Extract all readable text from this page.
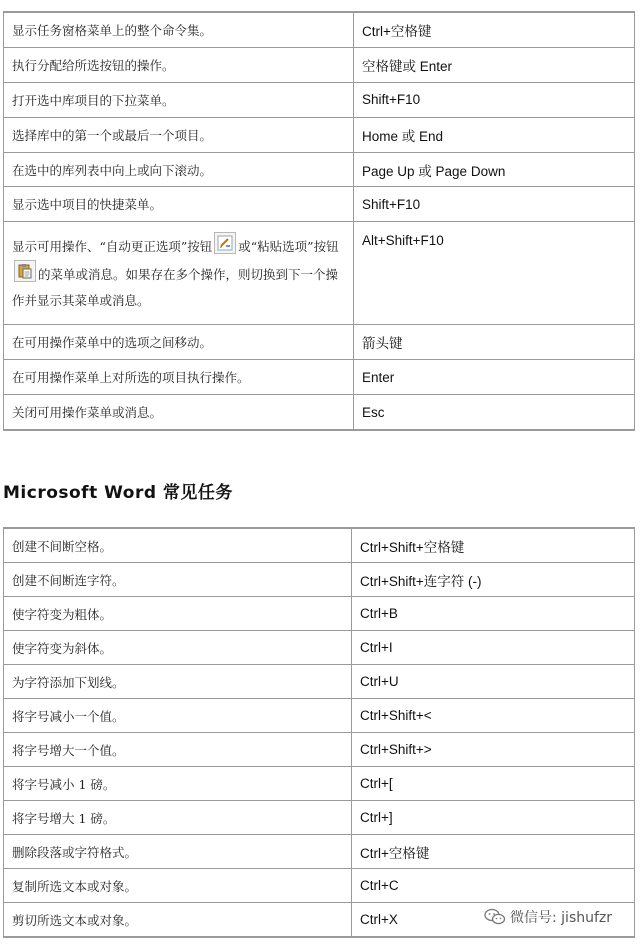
显示任务窗格菜单上的整个命令集。	Ctrl+空格键
执行分配给所选按钮的操作。	空格键或 Enter
打开选中库项目的下拉菜单。	Shift+F10
选择库中的第一个或最后一个项目。	Home 或 End
在选中的库列表中向上或向下滚动。	Page Up 或 Page Down
显示选中项目的快捷菜单。	Shift+F10
显示可用操作、“自动更正选项”按钮 或“粘贴选项”按钮
的菜单或消息。如果存在多个操作，则切换到下一个操作并显示其菜单或消息。	Alt+Shift+F10
在可用操作菜单中的选项之间移动。	箭头键
在可用操作菜单上对所选的项目执行操作。	Enter
关闭可用操作菜单或消息。	Esc
Microsoft Word 常见任务
创建不间断空格。	Ctrl+Shift+空格键
创建不间断连字符。	Ctrl+Shift+连字符 (-)
使字符变为粗体。	Ctrl+B
使字符变为斜体。	Ctrl+I
为字符添加下划线。	Ctrl+U
将字号减小一个值。	Ctrl+Shift+<
将字号增大一个值。	Ctrl+Shift+>
将字号减小 1 磅。	Ctrl+[
将字号增大 1 磅。	Ctrl+]
删除段落或字符格式。	Ctrl+空格键
复制所选文本或对象。	Ctrl+C
剪切所选文本或对象。	Ctrl+X	微信号: jishufzr
